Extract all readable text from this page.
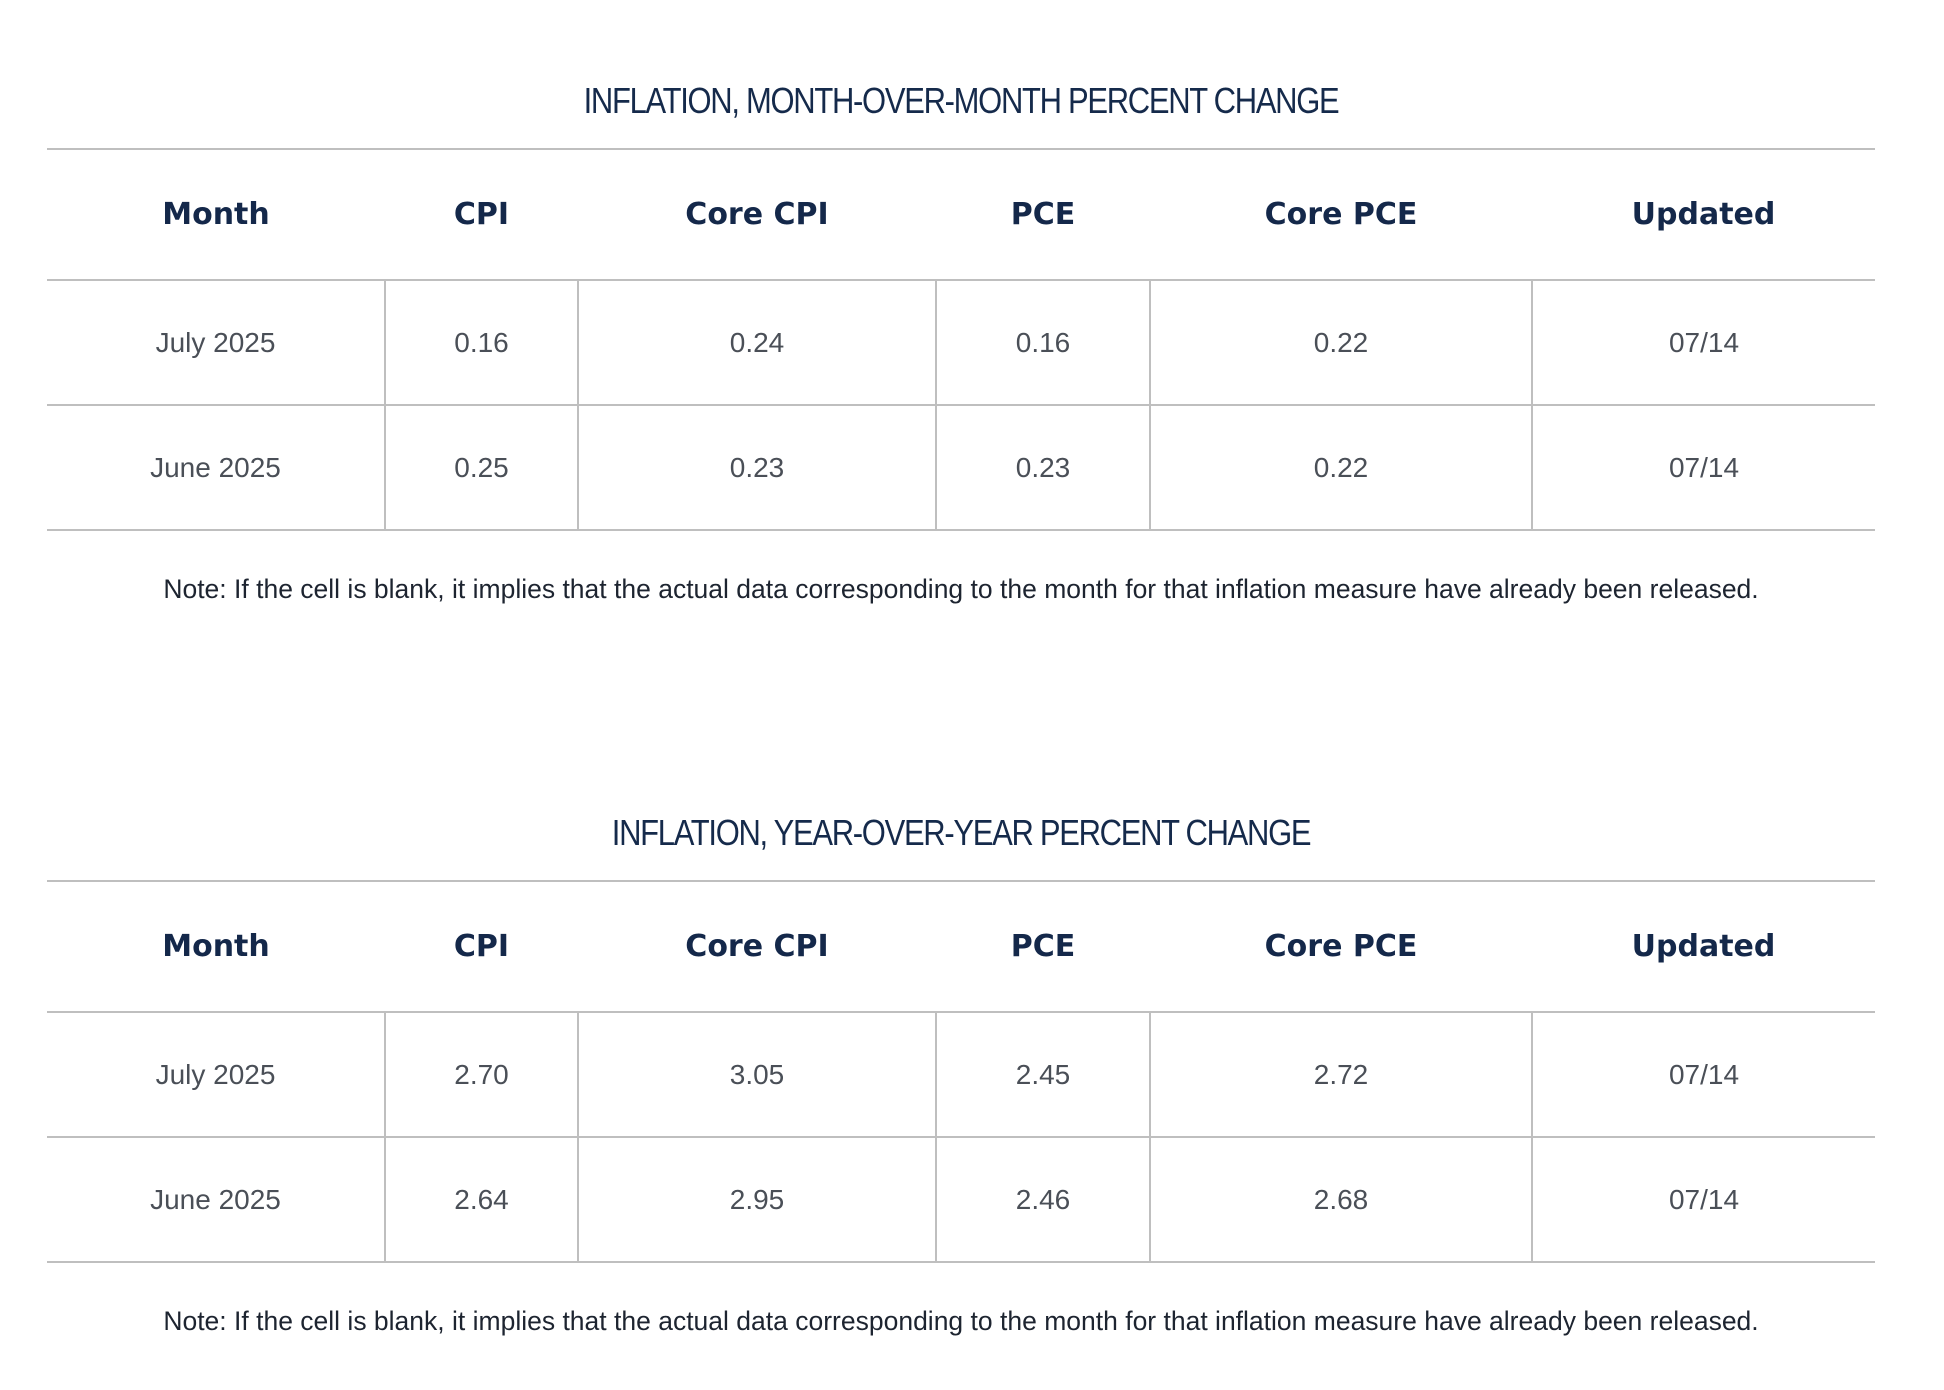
INFLATION, MONTH-OVER-MONTH PERCENT CHANGE
Month	CPI	Core CPI	PCE	Core PCE	Updated
July 2025	0.16	0.24	0.16	0.22	07/14
June 2025	0.25	0.23	0.23	0.22	07/14
Note: If the cell is blank, it implies that the actual data corresponding to the month for that inflation measure have already been released.
INFLATION, YEAR-OVER-YEAR PERCENT CHANGE
Month	CPI	Core CPI	PCE	Core PCE	Updated
July 2025	2.70	3.05	2.45	2.72	07/14
June 2025	2.64	2.95	2.46	2.68	07/14
Note: If the cell is blank, it implies that the actual data corresponding to the month for that inflation measure have already been released.
